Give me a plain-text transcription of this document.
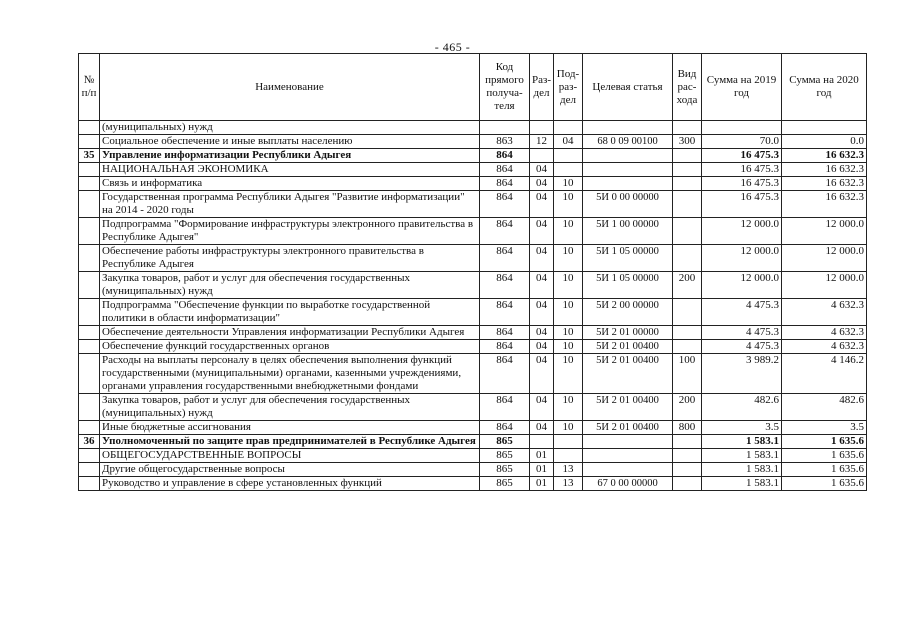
- 465 -
№ п/п	Наименование	Код прямого получа-теля	Раз-дел	Под-раз-дел	Целевая статья	Вид рас-хода	Сумма на 2019 год	Сумма на 2020 год
	(муниципальных) нужд							
	Социальное обеспечение и иные выплаты населению	863	12	04	68 0 09 00100	300	70.0	0.0
35	Управление информатизации Республики Адыгея	864					16 475.3	16 632.3
	НАЦИОНАЛЬНАЯ ЭКОНОМИКА	864	04				16 475.3	16 632.3
	Связь и информатика	864	04	10			16 475.3	16 632.3
	Государственная программа Республики Адыгея "Развитие информатизации" на 2014 - 2020 годы	864	04	10	5И 0 00 00000		16 475.3	16 632.3
	Подпрограмма "Формирование инфраструктуры электронного правительства в Республике Адыгея"	864	04	10	5И 1 00 00000		12 000.0	12 000.0
	Обеспечение работы инфраструктуры электронного правительства в Республике Адыгея	864	04	10	5И 1 05 00000		12 000.0	12 000.0
	Закупка товаров, работ и услуг для обеспечения государственных (муниципальных) нужд	864	04	10	5И 1 05 00000	200	12 000.0	12 000.0
	Подпрограмма "Обеспечение функции по выработке государственной политики в области информатизации"	864	04	10	5И 2 00 00000		4 475.3	4 632.3
	Обеспечение деятельности Управления информатизации Республики Адыгея	864	04	10	5И 2 01 00000		4 475.3	4 632.3
	Обеспечение функций государственных органов	864	04	10	5И 2 01 00400		4 475.3	4 632.3
	Расходы на выплаты персоналу в целях обеспечения выполнения функций государственными (муниципальными) органами, казенными учреждениями, органами управления государственными внебюджетными фондами	864	04	10	5И 2 01 00400	100	3 989.2	4 146.2
	Закупка товаров, работ и услуг для обеспечения государственных (муниципальных) нужд	864	04	10	5И 2 01 00400	200	482.6	482.6
	Иные бюджетные ассигнования	864	04	10	5И 2 01 00400	800	3.5	3.5
36	Уполномоченный по защите прав предпринимателей в Республике Адыгея	865					1 583.1	1 635.6
	ОБЩЕГОСУДАРСТВЕННЫЕ ВОПРОСЫ	865	01				1 583.1	1 635.6
	Другие общегосударственные вопросы	865	01	13			1 583.1	1 635.6
	Руководство и управление в сфере установленных функций	865	01	13	67 0 00 00000		1 583.1	1 635.6
